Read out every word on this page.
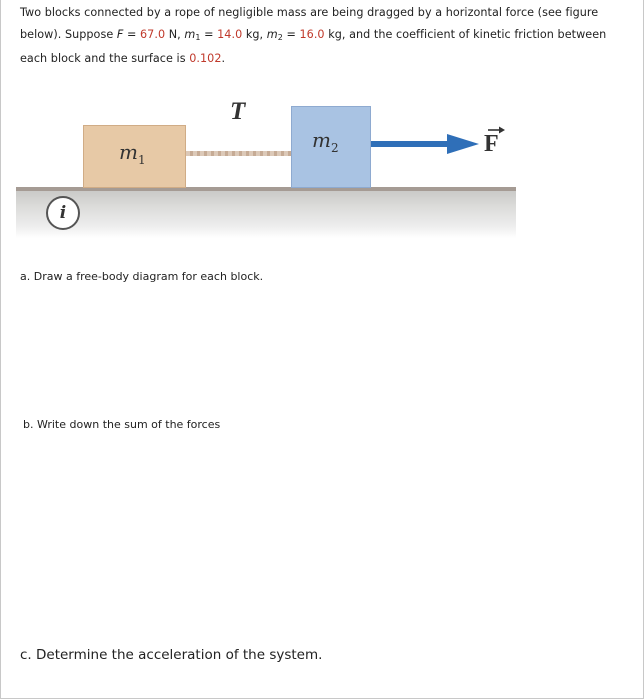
Two blocks connected by a rope of negligible mass are being dragged by a horizontal force (see figure
below). Suppose F = 67.0 N, $m_1 = 14.0$ kg, $m_2 = 16.0$ kg, and the coefficient of kinetic friction between
each block and the surface is 0.102.
$m_1$
$m_2$
T
F
i
a. Draw a free-body diagram for each block.
b. Write down the sum of the forces
c. Determine the acceleration of the system.
